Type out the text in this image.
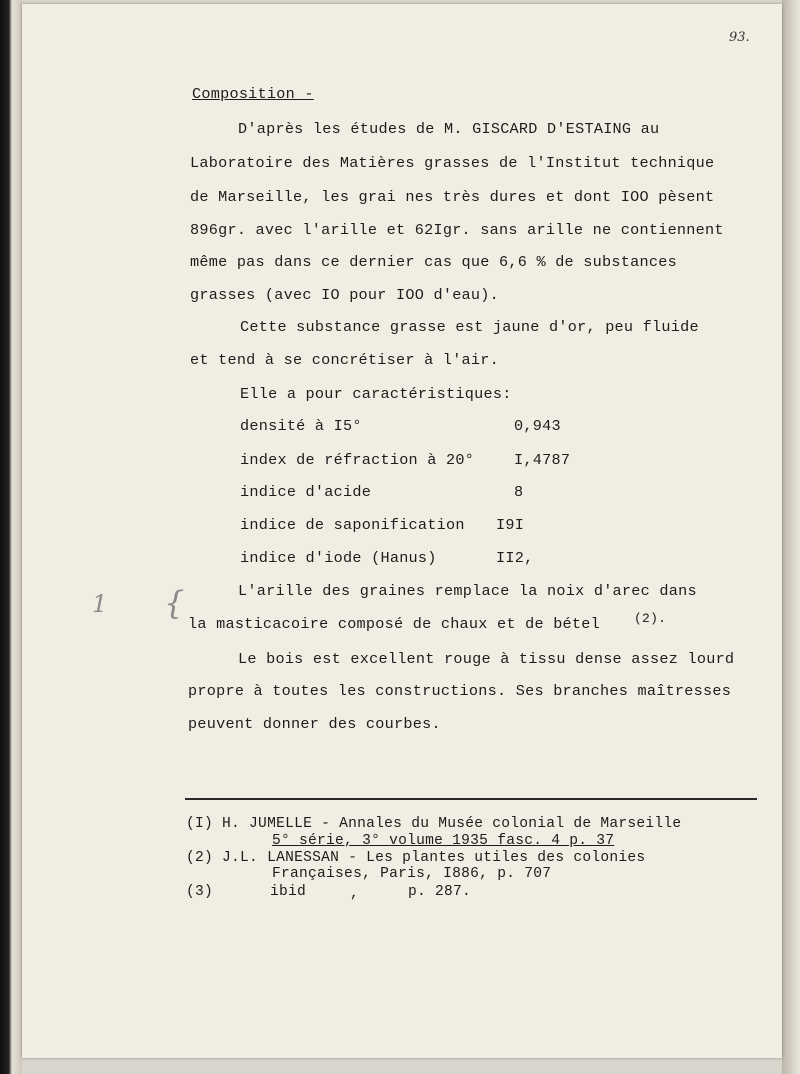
93.
Composition -
D'après les études de M. GISCARD D'ESTAING au
Laboratoire des Matières grasses de l'Institut technique
de Marseille, les grai nes très dures et dont IOO pèsent
896gr. avec l'arille et 62Igr. sans arille ne contiennent
même pas dans ce dernier cas que 6,6 % de substances
grasses (avec IO pour IOO d'eau).
Cette substance grasse est jaune d'or, peu fluide
et tend à se concrétiser à l'air.
Elle a pour caractéristiques:
densité à I5°	0,943
index de réfraction à 20°	I,4787
indice d'acide	8
indice de saponification I9I
indice d'iode (Hanus)	II2,
L'arille des graines remplace la noix d'arec dans
la masticacoire composé de chaux et de bétel	(2).
Le bois est excellent rouge à tissu dense assez lourd
propre à toutes les constructions. Ses branches maîtresses
peuvent donner des courbes.
1 {
(I) H. JUMELLE - Annales du Musée colonial de Marseille
5° série, 3° volume 1935 fasc. 4 p. 37
(2) J.L. LANESSAN - Les plantes utiles des colonies
Françaises, Paris, I886, p. 707
(3)	ibid	,	p. 287.
